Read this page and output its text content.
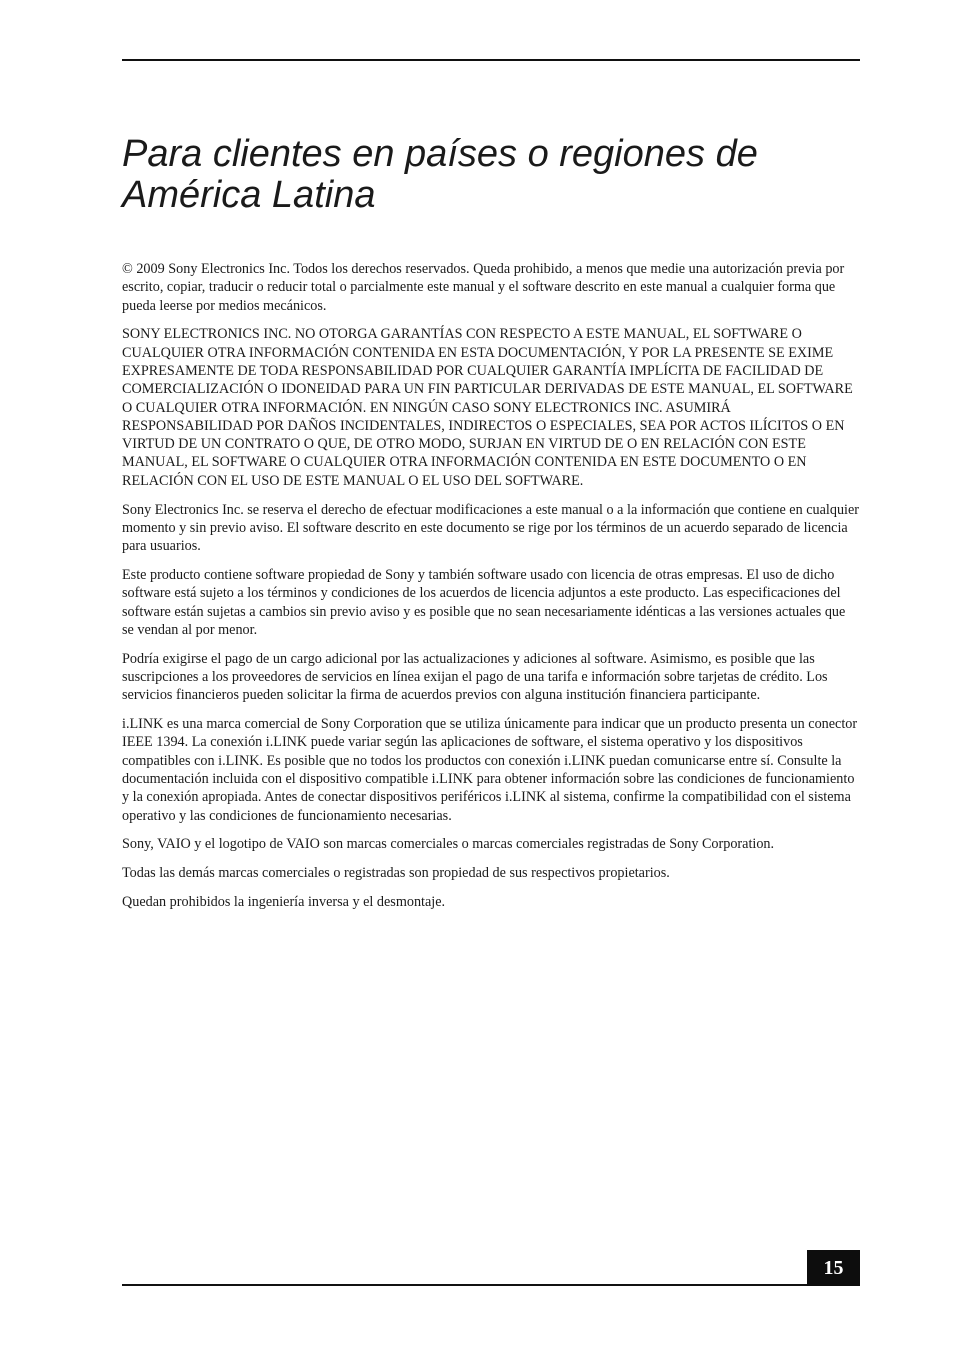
Para clientes en países o regiones de
América Latina

© 2009 Sony Electronics Inc. Todos los derechos reservados. Queda prohibido, a menos que medie una autorización previa por escrito, copiar, traducir o reducir total o parcialmente este manual y el software descrito en este manual a cualquier forma que pueda leerse por medios mecánicos.

SONY ELECTRONICS INC. NO OTORGA GARANTÍAS CON RESPECTO A ESTE MANUAL, EL SOFTWARE O CUALQUIER OTRA INFORMACIÓN CONTENIDA EN ESTA DOCUMENTACIÓN, Y POR LA PRESENTE SE EXIME EXPRESAMENTE DE TODA RESPONSABILIDAD POR CUALQUIER GARANTÍA IMPLÍCITA DE FACILIDAD DE COMERCIALIZACIÓN O IDONEIDAD PARA UN FIN PARTICULAR DERIVADAS DE ESTE MANUAL, EL SOFTWARE O CUALQUIER OTRA INFORMACIÓN. EN NINGÚN CASO SONY ELECTRONICS INC. ASUMIRÁ RESPONSABILIDAD POR DAÑOS INCIDENTALES, INDIRECTOS O ESPECIALES, SEA POR ACTOS ILÍCITOS O EN VIRTUD DE UN CONTRATO O QUE, DE OTRO MODO, SURJAN EN VIRTUD DE O EN RELACIÓN CON ESTE MANUAL, EL SOFTWARE O CUALQUIER OTRA INFORMACIÓN CONTENIDA EN ESTE DOCUMENTO O EN RELACIÓN CON EL USO DE ESTE MANUAL O EL USO DEL SOFTWARE.

Sony Electronics Inc. se reserva el derecho de efectuar modificaciones a este manual o a la información que contiene en cualquier momento y sin previo aviso. El software descrito en este documento se rige por los términos de un acuerdo separado de licencia para usuarios.

Este producto contiene software propiedad de Sony y también software usado con licencia de otras empresas. El uso de dicho software está sujeto a los términos y condiciones de los acuerdos de licencia adjuntos a este producto. Las especificaciones del software están sujetas a cambios sin previo aviso y es posible que no sean necesariamente idénticas a las versiones actuales que se vendan al por menor.

Podría exigirse el pago de un cargo adicional por las actualizaciones y adiciones al software. Asimismo, es posible que las suscripciones a los proveedores de servicios en línea exijan el pago de una tarifa e información sobre tarjetas de crédito. Los servicios financieros pueden solicitar la firma de acuerdos previos con alguna institución financiera participante.

i.LINK es una marca comercial de Sony Corporation que se utiliza únicamente para indicar que un producto presenta un conector IEEE 1394. La conexión i.LINK puede variar según las aplicaciones de software, el sistema operativo y los dispositivos compatibles con i.LINK. Es posible que no todos los productos con conexión i.LINK puedan comunicarse entre sí. Consulte la documentación incluida con el dispositivo compatible i.LINK para obtener información sobre las condiciones de funcionamiento y la conexión apropiada. Antes de conectar dispositivos periféricos i.LINK al sistema, confirme la compatibilidad con el sistema operativo y las condiciones de funcionamiento necesarias.

Sony, VAIO y el logotipo de VAIO son marcas comerciales o marcas comerciales registradas de Sony Corporation.

Todas las demás marcas comerciales o registradas son propiedad de sus respectivos propietarios.

Quedan prohibidos la ingeniería inversa y el desmontaje.

15
